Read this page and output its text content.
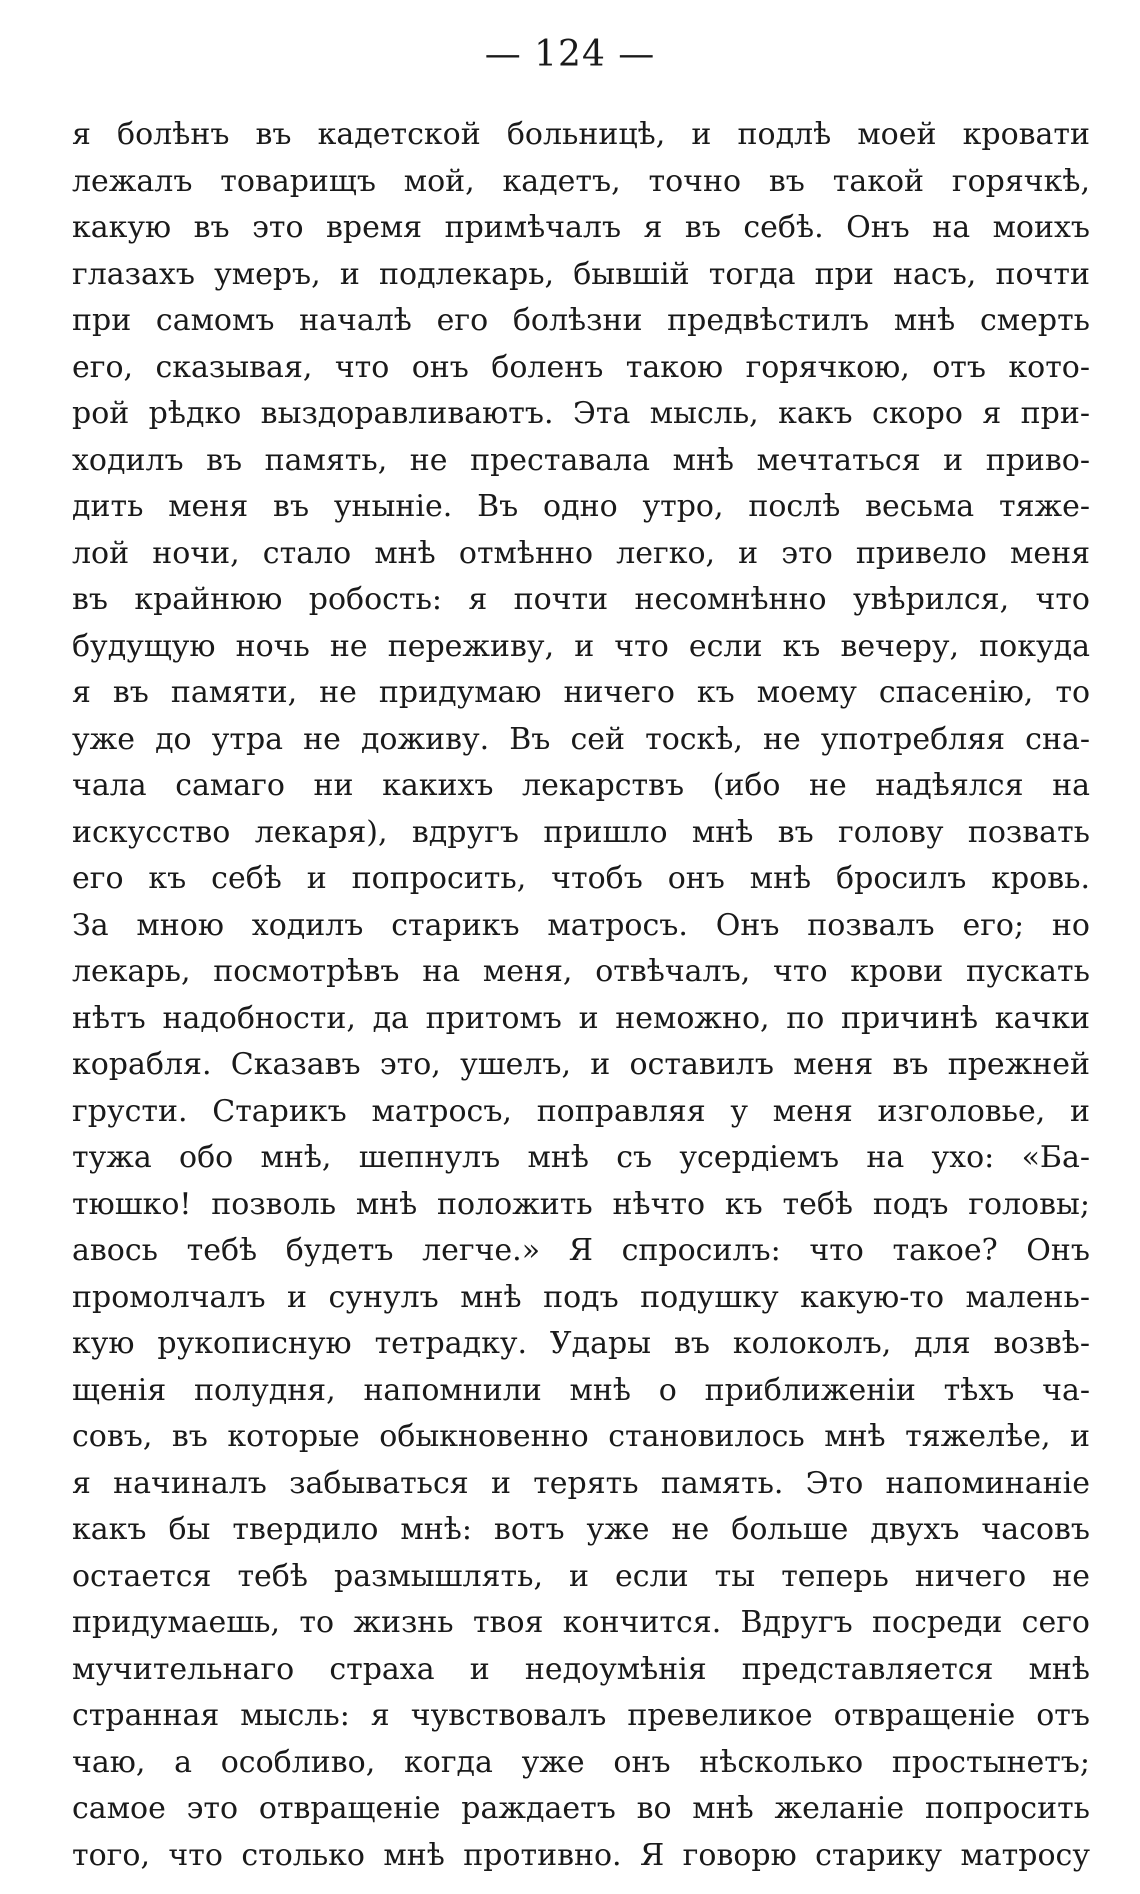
— 124 —
я болѣнъ въ кадетской больницѣ, и подлѣ моей кровати
лежалъ товарищъ мой, кадетъ, точно въ такой горячкѣ,
какую въ это время примѣчалъ я въ себѣ. Онъ на моихъ
глазахъ умеръ, и подлекарь, бывшій тогда при насъ, почти
при самомъ началѣ его болѣзни предвѣстилъ мнѣ смерть
его, сказывая, что онъ боленъ такою горячкою, отъ кото-
рой рѣдко выздоравливаютъ. Эта мысль, какъ скоро я при-
ходилъ въ память, не преставала мнѣ мечтаться и приво-
дить меня въ уныніе. Въ одно утро, послѣ весьма тяже-
лой ночи, стало мнѣ отмѣнно легко, и это привело меня
въ крайнюю робость: я почти несомнѣнно увѣрился, что
будущую ночь не переживу, и что если къ вечеру, покуда
я въ памяти, не придумаю ничего къ моему спасенію, то
уже до утра не доживу. Въ сей тоскѣ, не употребляя сна-
чала самаго ни какихъ лекарствъ (ибо не надѣялся на
искусство лекаря), вдругъ пришло мнѣ въ голову позвать
его къ себѣ и попросить, чтобъ онъ мнѣ бросилъ кровь.
За мною ходилъ старикъ матросъ. Онъ позвалъ его; но
лекарь, посмотрѣвъ на меня, отвѣчалъ, что крови пускать
нѣтъ надобности, да притомъ и неможно, по причинѣ качки
корабля. Сказавъ это, ушелъ, и оставилъ меня въ прежней
грусти. Старикъ матросъ, поправляя у меня изголовье, и
тужа обо мнѣ, шепнулъ мнѣ съ усердіемъ на ухо: «Ба-
тюшко! позволь мнѣ положить нѣчто къ тебѣ подъ головы;
авось тебѣ будетъ легче.» Я спросилъ: что такое? Онъ
промолчалъ и сунулъ мнѣ подъ подушку какую-то малень-
кую рукописную тетрадку. Удары въ колоколъ, для возвѣ-
щенія полудня, напомнили мнѣ о приближеніи тѣхъ ча-
совъ, въ которые обыкновенно становилось мнѣ тяжелѣе, и
я начиналъ забываться и терять память. Это напоминаніе
какъ бы твердило мнѣ: вотъ уже не больше двухъ часовъ
остается тебѣ размышлять, и если ты теперь ничего не
придумаешь, то жизнь твоя кончится. Вдругъ посреди сего
мучительнаго страха и недоумѣнія представляется мнѣ
странная мысль: я чувствовалъ превеликое отвращеніе отъ
чаю, а особливо, когда уже онъ нѣсколько простынетъ;
самое это отвращеніе раждаетъ во мнѣ желаніе попросить
того, что столько мнѣ противно. Я говорю старику матросу
